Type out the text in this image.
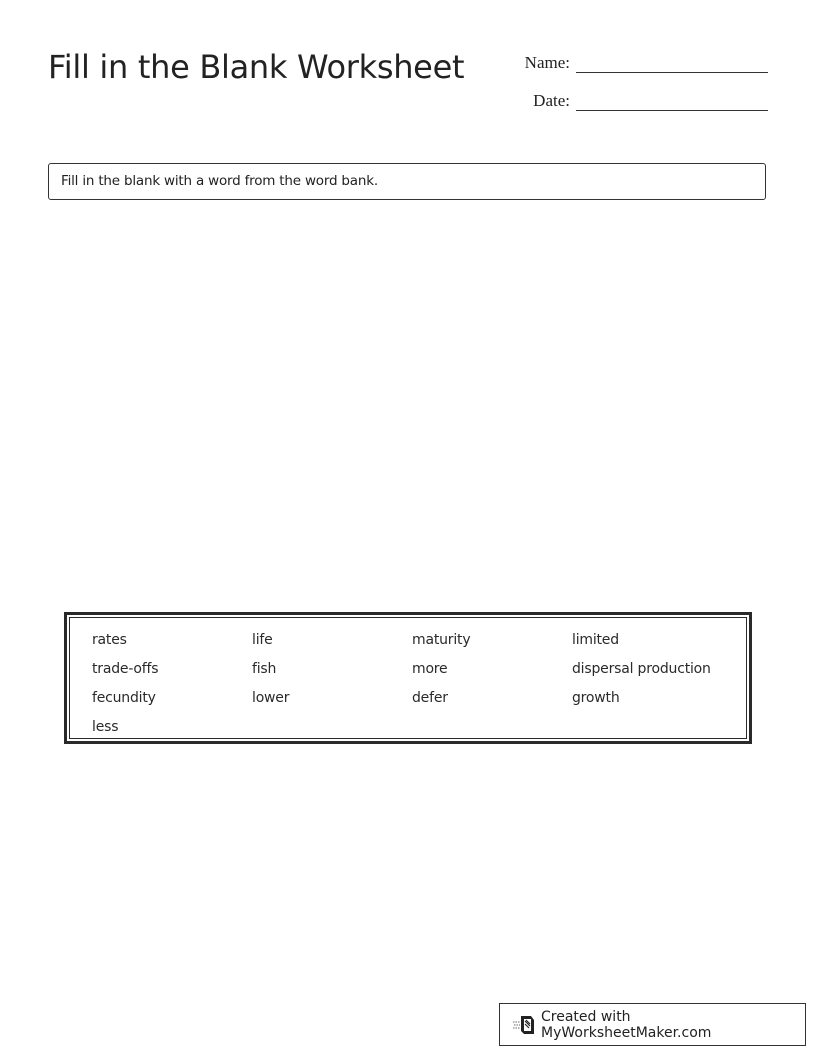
Fill in the Blank Worksheet	Name:
Date:
Fill in the blank with a word from the word bank.
rates	life	maturity	limited
trade-offs	fish	more	dispersal production
fecundity	lower	defer	growth
less
Created with MyWorksheetMaker.com
